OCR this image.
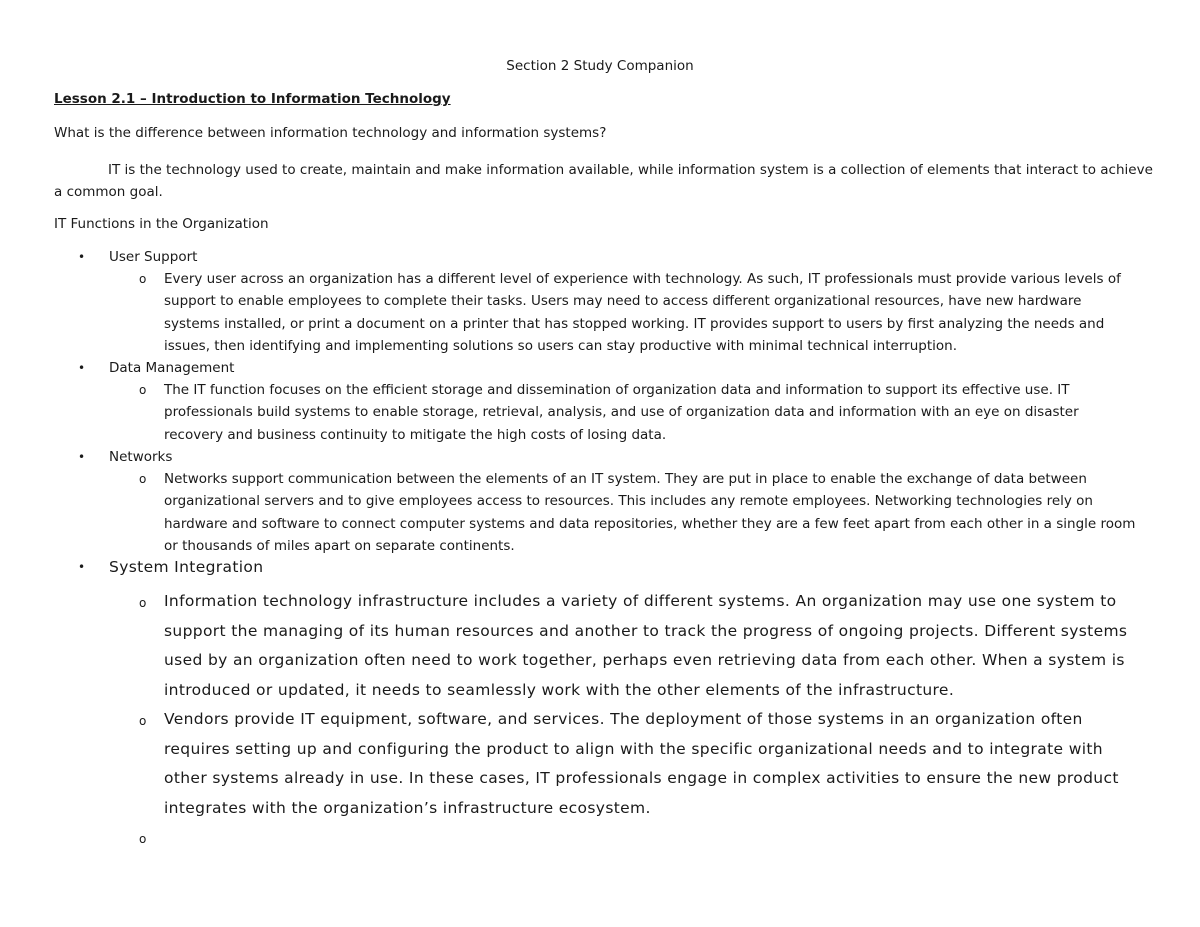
Section 2 Study Companion
Lesson 2.1 – Introduction to Information Technology
What is the difference between information technology and information systems?
IT is the technology used to create, maintain and make information available, while information system is a collection of elements that interact to achieve a common goal.
IT Functions in the Organization
• User Support
o Every user across an organization has a different level of experience with technology. As such, IT professionals must provide various levels of support to enable employees to complete their tasks. Users may need to access different organizational resources, have new hardware systems installed, or print a document on a printer that has stopped working. IT provides support to users by first analyzing the needs and issues, then identifying and implementing solutions so users can stay productive with minimal technical interruption.
• Data Management
o The IT function focuses on the efficient storage and dissemination of organization data and information to support its effective use. IT professionals build systems to enable storage, retrieval, analysis, and use of organization data and information with an eye on disaster recovery and business continuity to mitigate the high costs of losing data.
• Networks
o Networks support communication between the elements of an IT system. They are put in place to enable the exchange of data between organizational servers and to give employees access to resources. This includes any remote employees. Networking technologies rely on hardware and software to connect computer systems and data repositories, whether they are a few feet apart from each other in a single room or thousands of miles apart on separate continents.
• System Integration
o Information technology infrastructure includes a variety of different systems. An organization may use one system to support the managing of its human resources and another to track the progress of ongoing projects. Different systems used by an organization often need to work together, perhaps even retrieving data from each other. When a system is introduced or updated, it needs to seamlessly work with the other elements of the infrastructure.
o Vendors provide IT equipment, software, and services. The deployment of those systems in an organization often requires setting up and configuring the product to align with the specific organizational needs and to integrate with other systems already in use. In these cases, IT professionals engage in complex activities to ensure the new product integrates with the organization’s infrastructure ecosystem.
o
